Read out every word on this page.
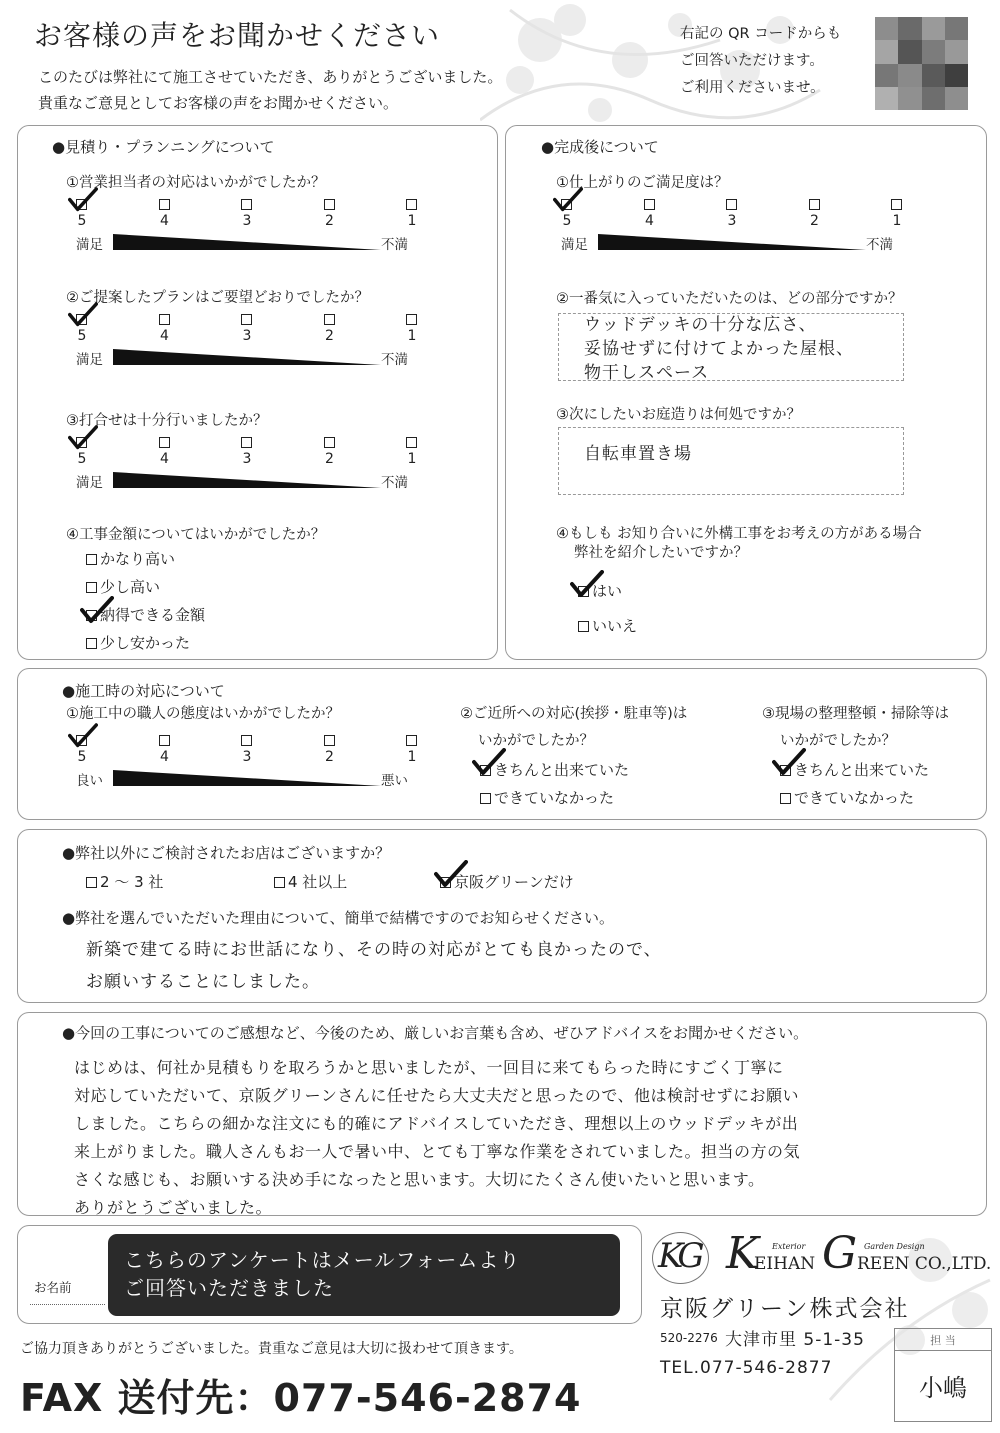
お客様の声をお聞かせください
このたびは弊社にて施工させていただき、ありがとうございました。
貴重なご意見としてお客様の声をお聞かせください。
右記の QR コードからも
ご回答いただけます。
ご利用くださいませ。
●見積り・プランニングについて
①営業担当者の対応はいかがでしたか？
5	4	3	2	1
満足	不満
②ご提案したプランはご要望どおりでしたか？
5	4	3	2	1
満足	不満
③打合せは十分行いましたか？
5	4	3	2	1
満足	不満
④工事金額についてはいかがでしたか？
かなり高い
少し高い
納得できる金額
少し安かった
●完成後について
①仕上がりのご満足度は？
5	4	3	2	1
満足	不満
②一番気に入っていただいたのは、どの部分ですか？
ウッドデッキの十分な広さ、
妥協せずに付けてよかった屋根、
物干しスペース
③次にしたいお庭造りは何処ですか？
自転車置き場
④もしも お知り合いに外構工事をお考えの方がある場合
弊社を紹介したいですか？
はい
いいえ
●施工時の対応について
①施工中の職人の態度はいかがでしたか？
5	4	3	2	1
良い	悪い
②ご近所への対応(挨拶・駐車等)は
いかがでしたか？
きちんと出来ていた
できていなかった
③現場の整理整頓・掃除等は
いかがでしたか？
きちんと出来ていた
できていなかった
●弊社以外にご検討されたお店はございますか？
2 ～ 3 社	4 社以上	京阪グリーンだけ
●弊社を選んでいただいた理由について、簡単で結構ですのでお知らせください。
新築で建てる時にお世話になり、その時の対応がとても良かったので、
お願いすることにしました。
●今回の工事についてのご感想など、今後のため、厳しいお言葉も含め、ぜひアドバイスをお聞かせください。
はじめは、何社か見積もりを取ろうかと思いましたが、一回目に来てもらった時にすごく丁寧に
対応していただいて、京阪グリーンさんに任せたら大丈夫だと思ったので、他は検討せずにお願い
しました。こちらの細かな注文にも的確にアドバイスしていただき、理想以上のウッドデッキが出
来上がりました。職人さんもお一人で暑い中、とても丁寧な作業をされていました。担当の方の気
さくな感じも、お願いする決め手になったと思います。大切にたくさん使いたいと思います。
ありがとうございました。
お名前
こちらのアンケートはメールフォームより
ご回答いただきました
KG K Exterior
EIHAN G Garden Design
REEN CO.,LTD.
京阪グリーン株式会社
520-2276 大津市里 5-1-35
TEL.077-546-2877
担 当
小嶋
ご協力頂きありがとうございました。貴重なご意見は大切に扱わせて頂きます。
FAX 送付先：077-546-2874
